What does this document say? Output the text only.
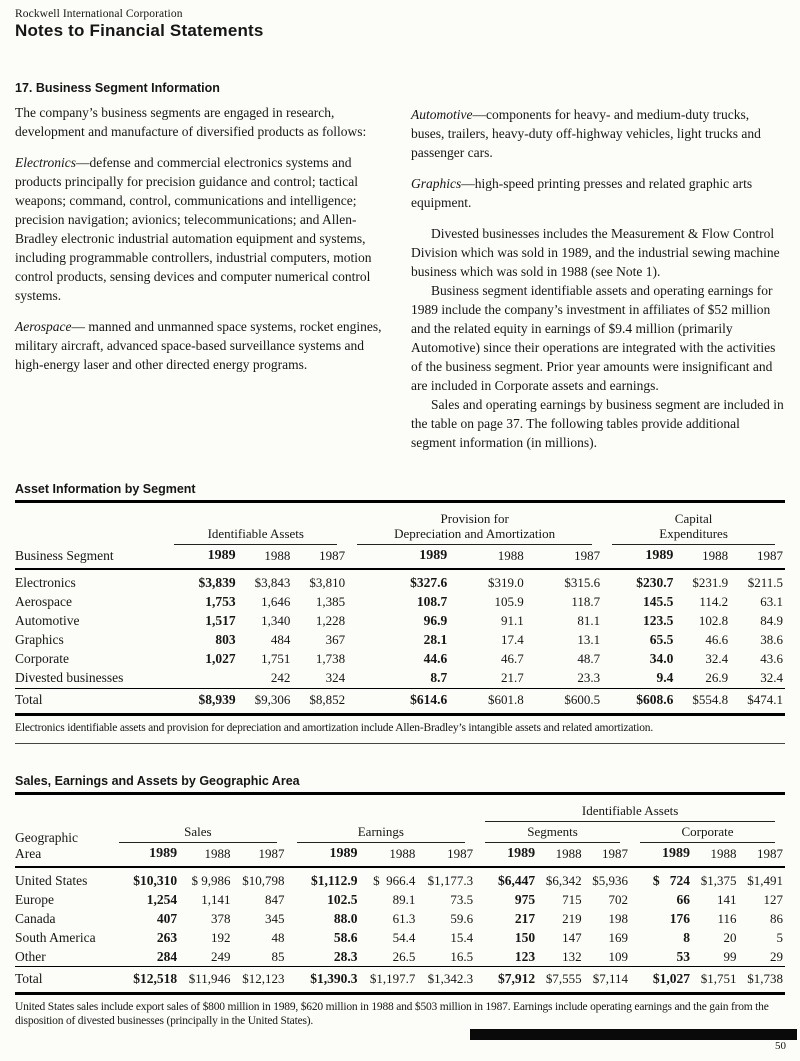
Rockwell International Corporation
Notes to Financial Statements
17. Business Segment Information

The company’s business segments are engaged in research, development and manufacture of diversified products as follows:

Electronics—defense and commercial electronics systems and products principally for precision guidance and control; tactical weapons; command, control, communications and intelligence; precision navigation; avionics; telecommunications; and Allen-Bradley electronic industrial automation equipment and systems, including programmable controllers, industrial computers, motion control products, sensing devices and computer numerical control systems.

Aerospace— manned and unmanned space systems, rocket engines, military aircraft, advanced space-based surveillance systems and high-energy laser and other directed energy programs.

Automotive—components for heavy- and medium-duty trucks, buses, trailers, heavy-duty off-highway vehicles, light trucks and passenger cars.

Graphics—high-speed printing presses and related graphic arts equipment.

Divested businesses includes the Measurement & Flow Control Division which was sold in 1989, and the industrial sewing machine business which was sold in 1988 (see Note 1).

Business segment identifiable assets and operating earnings for 1989 include the company’s investment in affiliates of $52 million and the related equity in earnings of $9.4 million (primarily Automotive) since their operations are integrated with the activities of the business segment. Prior year amounts were insignificant and are included in Corporate assets and earnings.

Sales and operating earnings by business segment are included in the table on page 37. The following tables provide additional segment information (in millions).

Asset Information by Segment
Business Segment	Identifiable Assets			Provision for
Depreciation and Amortization			Capital
Expenditures		

	1989	1988	1987	1989	1988	1987	1989	1988	1987
Electronics	$3,839	$3,843	$3,810	$327.6	$319.0	$315.6	$230.7	$231.9	$211.5
Aerospace	1,753	1,646	1,385	108.7	105.9	118.7	145.5	114.2	63.1
Automotive	1,517	1,340	1,228	96.9	91.1	81.1	123.5	102.8	84.9
Graphics	803	484	367	28.1	17.4	13.1	65.5	46.6	38.6
Corporate	1,027	1,751	1,738	44.6	46.7	48.7	34.0	32.4	43.6
Divested businesses		242	324	8.7	21.7	23.3	9.4	26.9	32.4
Total	$8,939	$9,306	$8,852	$614.6	$601.8	$600.5	$608.6	$554.8	$474.1

Electronics identifiable assets and provision for depreciation and amortization include Allen-Bradley’s intangible assets and related amortization.

Sales, Earnings and Assets by Geographic Area
Geographic
Area							Identifiable Assets					

	Sales			Earnings			Segments			Corporate		

	1989	1988	1987	1989	1988	1987	1989	1988	1987	1989	1988	1987
United States	$10,310	$ 9,986	$10,798	$1,112.9	$  966.4	$1,177.3	$6,447	$6,342	$5,936	$   724	$1,375	$1,491
Europe	1,254	1,141	847	102.5	89.1	73.5	975	715	702	66	141	127
Canada	407	378	345	88.0	61.3	59.6	217	219	198	176	116	86
South America	263	192	48	58.6	54.4	15.4	150	147	169	8	20	5
Other	284	249	85	28.3	26.5	16.5	123	132	109	53	99	29
Total	$12,518	$11,946	$12,123	$1,390.3	$1,197.7	$1,342.3	$7,912	$7,555	$7,114	$1,027	$1,751	$1,738

United States sales include export sales of $800 million in 1989, $620 million in 1988 and $503 million in 1987. Earnings include operating earnings and the gain from the disposition of divested businesses (principally in the United States).

50
